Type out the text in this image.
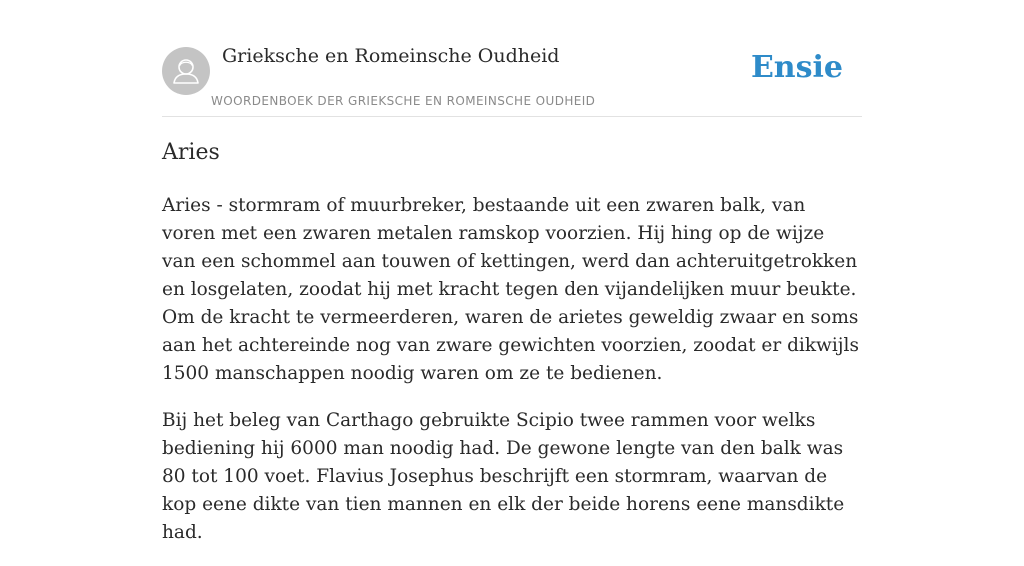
Grieksche en Romeinsche Oudheid
WOORDENBOEK DER GRIEKSCHE EN ROMEINSCHE OUDHEID
Ensie
Aries

Aries - stormram of muurbreker, bestaande uit een zwaren balk, van voren met een zwaren metalen ramskop voorzien. Hij hing op de wijze van een schommel aan touwen of kettingen, werd dan achteruitgetrokken en losgelaten, zoodat hij met kracht tegen den vijandelijken muur beukte. Om de kracht te vermeerderen, waren de arietes geweldig zwaar en soms aan het achtereinde nog van zware gewichten voorzien, zoodat er dikwijls 1500 manschappen noodig waren om ze te bedienen.

Bij het beleg van Carthago gebruikte Scipio twee rammen voor welks bediening hij 6000 man noodig had. De gewone lengte van den balk was 80 tot 100 voet. Flavius Josephus beschrijft een stormram, waarvan de kop eene dikte van tien mannen en elk der beide horens eene mansdikte had.
